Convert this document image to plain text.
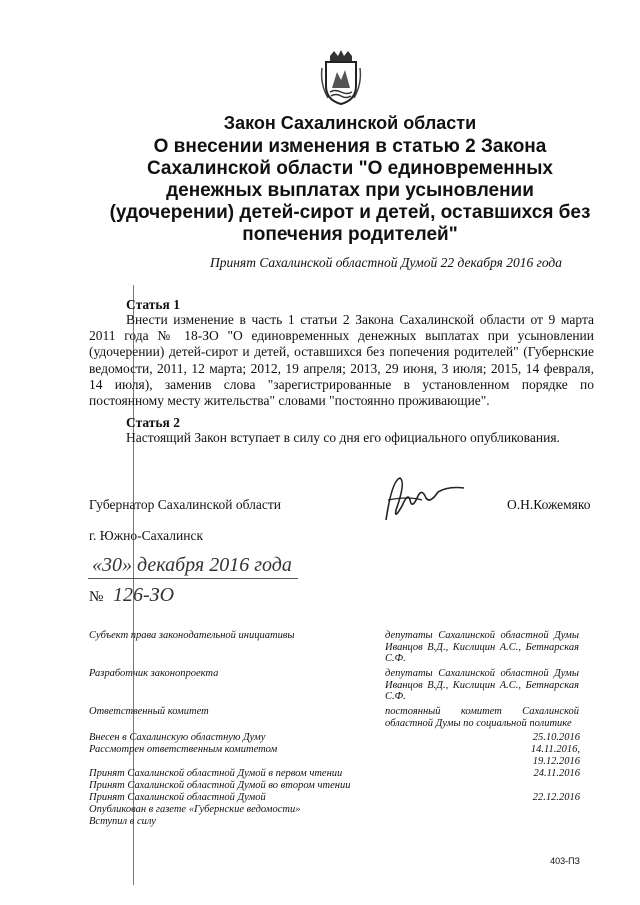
Закон Сахалинской области
О внесении изменения в статью 2 Закона
Сахалинской области "О единовременных
денежных выплатах при усыновлении
(удочерении) детей-сирот и детей, оставшихся без
попечения родителей"
Принят Сахалинской областной Думой 22 декабря 2016 года
Статья 1
Внести изменение в часть 1 статьи 2 Закона Сахалинской области от 9 марта 2011 года № 18-ЗО "О единовременных денежных выплатах при усыновлении (удочерении) детей-сирот и детей, оставшихся без попечения родителей" (Губернские ведомости, 2011, 12 марта; 2012, 19 апреля; 2013, 29 июня, 3 июля; 2015, 14 февраля, 14 июля), заменив слова "зарегистрированные в установленном порядке по постоянному месту жительства" словами "постоянно проживающие".
Статья 2
Настоящий Закон вступает в силу со дня его официального опубликования.
Губернатор Сахалинской области	О.Н.Кожемяко
г. Южно-Сахалинск
«30» декабря 2016 года
№ 126-ЗО
Субъект права законодательной инициативы	депутаты Сахалинской областной Думы Иванцов В.Д., Кислицин А.С., Бетнарская С.Ф.
Разработчик законопроекта	депутаты Сахалинской областной Думы Иванцов В.Д., Кислицин А.С., Бетнарская С.Ф.
Ответственный комитет	постоянный комитет Сахалинской областной Думы по социальной политике
Внесен в Сахалинскую областную Думу	25.10.2016
Рассмотрен ответственным комитетом	14.11.2016,
19.12.2016
Принят Сахалинской областной Думой в первом чтении	24.11.2016
Принят Сахалинской областной Думой во втором чтении
Принят Сахалинской областной Думой	22.12.2016
Опубликован в газете «Губернские ведомости»
Вступил в силу
403-ПЗ
